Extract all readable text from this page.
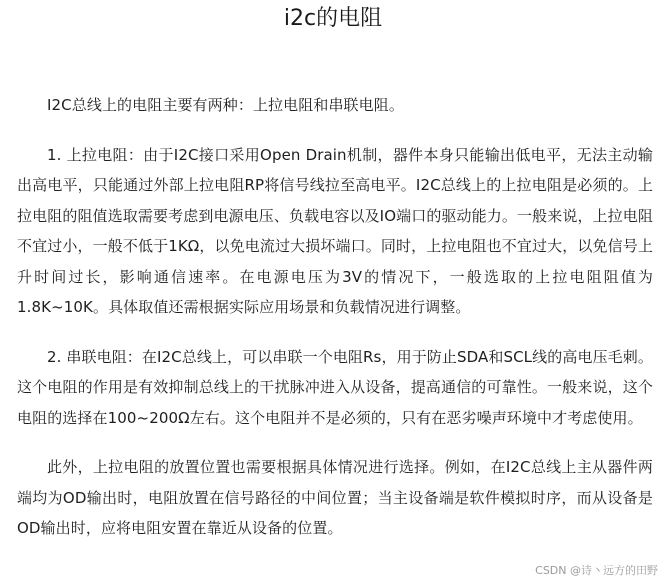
i2c的电阻

I2C总线上的电阻主要有两种：上拉电阻和串联电阻。

1. 上拉电阻：由于I2C接口采用Open Drain机制，器件本身只能输出低电平，无法主动输出高电平，只能通过外部上拉电阻RP将信号线拉至高电平。I2C总线上的上拉电阻是必须的。上拉电阻的阻值选取需要考虑到电源电压、负载电容以及IO端口的驱动能力。一般来说，上拉电阻不宜过小，一般不低于1KΩ，以免电流过大损坏端口。同时，上拉电阻也不宜过大，以免信号上升时间过长，影响通信速率。在电源电压为3V的情况下，一般选取的上拉电阻阻值为1.8K~10K。具体取值还需根据实际应用场景和负载情况进行调整。

2. 串联电阻：在I2C总线上，可以串联一个电阻Rs，用于防止SDA和SCL线的高电压毛刺。这个电阻的作用是有效抑制总线上的干扰脉冲进入从设备，提高通信的可靠性。一般来说，这个电阻的选择在100~200Ω左右。这个电阻并不是必须的，只有在恶劣噪声环境中才考虑使用。

此外，上拉电阻的放置位置也需要根据具体情况进行选择。例如，在I2C总线上主从器件两端均为OD输出时，电阻放置在信号路径的中间位置；当主设备端是软件模拟时序，而从设备是OD输出时，应将电阻安置在靠近从设备的位置。

CSDN @诗丶远方的田野
